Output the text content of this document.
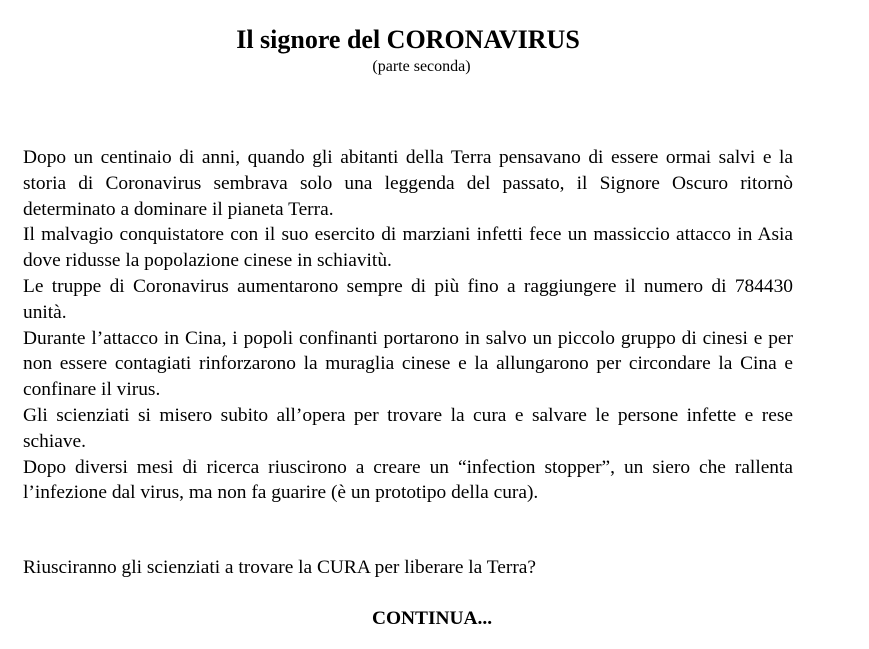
Il signore del CORONAVIRUS
(parte seconda)

Dopo un centinaio di anni, quando gli abitanti della Terra pensavano di essere ormai salvi e la storia di Coronavirus sembrava solo una leggenda del passato, il Signore Oscuro ritornò determinato a dominare il pianeta Terra.

Il malvagio conquistatore con il suo esercito di marziani infetti fece un massiccio attacco in Asia dove ridusse la popolazione cinese in schiavitù.

Le truppe di Coronavirus aumentarono sempre di più fino a raggiungere il numero di 784430 unità.

Durante l’attacco in Cina, i popoli confinanti portarono in salvo un piccolo gruppo di cinesi e per non essere contagiati rinforzarono la muraglia cinese e la allungarono per circondare la Cina e confinare il virus.

Gli scienziati si misero subito all’opera per trovare la cura e salvare le persone infette e rese schiave.

Dopo diversi mesi di ricerca riuscirono a creare un “infection stopper”, un siero che rallenta l’infezione dal virus, ma non fa guarire (è un prototipo della cura).

Riusciranno gli scienziati a trovare la CURA per liberare la Terra?

CONTINUA...
